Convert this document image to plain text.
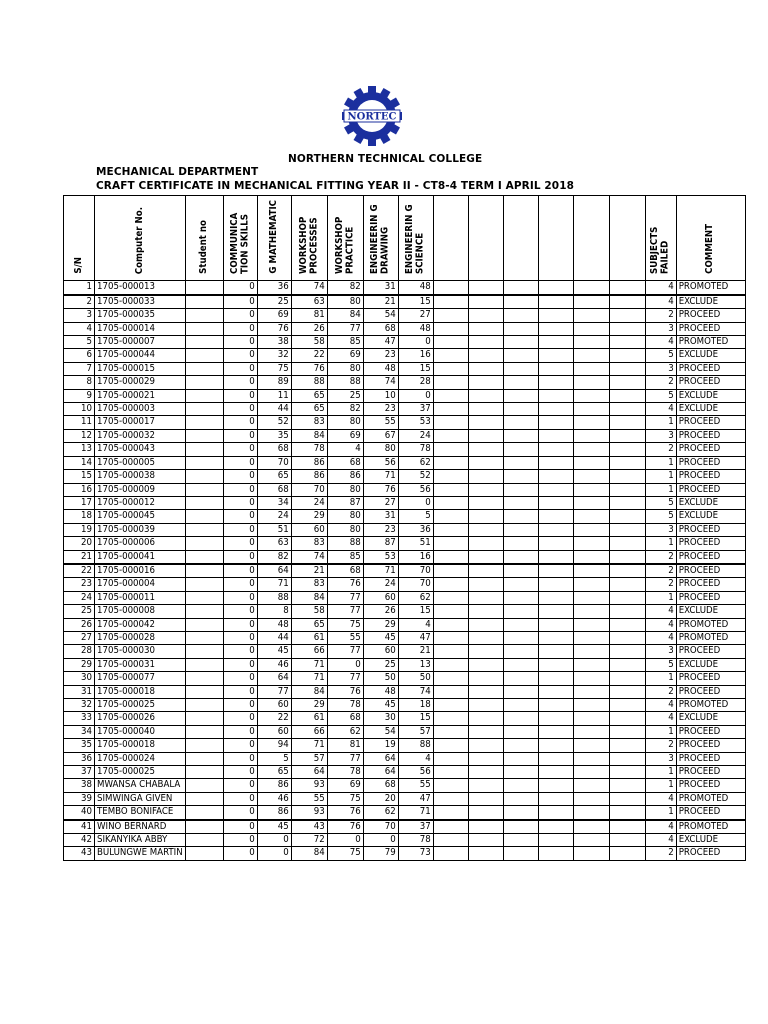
NORTEC
NORTHERN TECHNICAL COLLEGE
MECHANICAL DEPARTMENT
CRAFT CERTIFICATE IN MECHANICAL FITTING YEAR II - CT8-4 TERM I APRIL 2018
S/N	Computer No.	Student no	COMMUNICA TION SKILLS	G MATHEMATIC	WORKSHOP PROCESSES	WORKSHOP PRACTICE	ENGINEERIN G DRAWING	ENGINEERIN G SCIENCE							SUBJECTS FAILED	COMMENT
1	1705-000013		0	36	74	82	31	48							4	PROMOTED
2	1705-000033		0	25	63	80	21	15							4	EXCLUDE
3	1705-000035		0	69	81	84	54	27							2	PROCEED
4	1705-000014		0	76	26	77	68	48							3	PROCEED
5	1705-000007		0	38	58	85	47	0							4	PROMOTED
6	1705-000044		0	32	22	69	23	16							5	EXCLUDE
7	1705-000015		0	75	76	80	48	15							3	PROCEED
8	1705-000029		0	89	88	88	74	28							2	PROCEED
9	1705-000021		0	11	65	25	10	0							5	EXCLUDE
10	1705-000003		0	44	65	82	23	37							4	EXCLUDE
11	1705-000017		0	52	83	80	55	53							1	PROCEED
12	1705-000032		0	35	84	69	67	24							3	PROCEED
13	1705-000043		0	68	78	4	80	78							2	PROCEED
14	1705-000005		0	70	86	68	56	62							1	PROCEED
15	1705-000038		0	65	86	86	71	52							1	PROCEED
16	1705-000009		0	68	70	80	76	56							1	PROCEED
17	1705-000012		0	34	24	87	27	0							5	EXCLUDE
18	1705-000045		0	24	29	80	31	5							5	EXCLUDE
19	1705-000039		0	51	60	80	23	36							3	PROCEED
20	1705-000006		0	63	83	88	87	51							1	PROCEED
21	1705-000041		0	82	74	85	53	16							2	PROCEED
22	1705-000016		0	64	21	68	71	70							2	PROCEED
23	1705-000004		0	71	83	76	24	70							2	PROCEED
24	1705-000011		0	88	84	77	60	62							1	PROCEED
25	1705-000008		0	8	58	77	26	15							4	EXCLUDE
26	1705-000042		0	48	65	75	29	4							4	PROMOTED
27	1705-000028		0	44	61	55	45	47							4	PROMOTED
28	1705-000030		0	45	66	77	60	21							3	PROCEED
29	1705-000031		0	46	71	0	25	13							5	EXCLUDE
30	1705-000077		0	64	71	77	50	50							1	PROCEED
31	1705-000018		0	77	84	76	48	74							2	PROCEED
32	1705-000025		0	60	29	78	45	18							4	PROMOTED
33	1705-000026		0	22	61	68	30	15							4	EXCLUDE
34	1705-000040		0	60	66	62	54	57							1	PROCEED
35	1705-000018		0	94	71	81	19	88							2	PROCEED
36	1705-000024		0	5	57	77	64	4							3	PROCEED
37	1705-000025		0	65	64	78	64	56							1	PROCEED
38	MWANSA CHABALA		0	86	93	69	68	55							1	PROCEED
39	SIMWINGA GIVEN		0	46	55	75	20	47							4	PROMOTED
40	TEMBO BONIFACE		0	86	93	76	62	71							1	PROCEED
41	WINO BERNARD		0	45	43	76	70	37							4	PROMOTED
42	SIKANYIKA ABBY		0	0	72	0	0	78							4	EXCLUDE
43	BULUNGWE MARTIN		0	0	84	75	79	73							2	PROCEED
